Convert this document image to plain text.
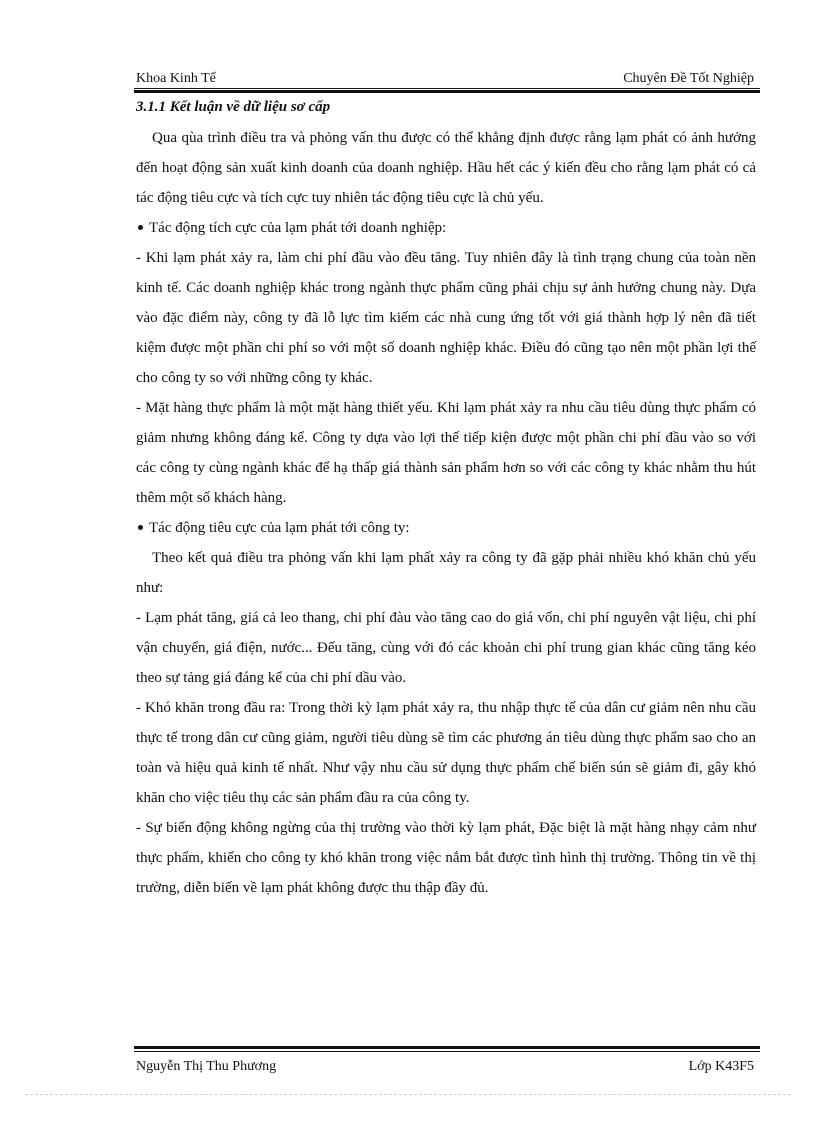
Khoa Kinh Tế	Chuyên Đề Tốt Nghiệp
3.1.1 Kết luận về dữ liệu sơ cấp

Qua qùa trình điều tra và phỏng vấn thu được có thể khẳng định được rằng lạm phát có ảnh hưởng đến hoạt động sản xuất kinh doanh của doanh nghiệp. Hầu hết các ý kiến đều cho rằng lạm phát có cả tác động tiêu cực và tích cực tuy nhiên tác động tiêu cực là chủ yếu.

Tác động tích cực của lạm phát tới doanh nghiệp:

- Khi lạm phát xảy ra, làm chi phí đầu vào đều tăng. Tuy nhiên đây là tình trạng chung của toàn nền kinh tế. Các doanh nghiệp khác trong ngành thực phẩm cũng phải chịu sự ảnh hưởng chung này. Dựa vào đặc điểm này, công ty đã lỗ lực tìm kiếm các nhà cung ứng tốt với giá thành hợp lý nên đã tiết kiệm được một phần chi phí so với một số doanh nghiệp khác. Điều đó cũng tạo nên một phần lợi thế cho công ty so với những công ty khác.

- Mặt hàng thực phẩm là một mặt hàng thiết yếu. Khi lạm phát xảy ra nhu cầu tiêu dùng thực phẩm có giảm nhưng không đáng kể. Công ty dựa vào lợi thế tiếp kiện được một phần chi phí đầu vào so với các công ty cùng ngành khác để hạ thấp giá thành sản phẩm hơn so với các công ty khác nhằm thu hút thêm một số khách hàng.

Tác động tiêu cực của lạm phát tới công ty:

Theo kết quả điều tra phỏng vấn khi lạm phất xảy ra công ty đã gặp phải nhiều khó khăn chủ yếu như:

- Lạm phát tăng, giá cả leo thang, chi phí đàu vào tăng cao do giá vốn, chi phí nguyên vật liệu, chi phí vận chuyển, giá điện, nước... Đếu tăng, cùng với đó các khoản chi phí trung gian khác cũng tăng kéo theo sự tảng giá đáng kể của chi phí dầu vào.

- Khó khăn trong đầu ra: Trong thời kỳ lạm phát xảy ra, thu nhập thực tế của dân cư giảm nên nhu cầu thực tế trong dân cư cũng giảm, người tiêu dùng sẽ tìm các phương án tiêu dùng thực phẩm sao cho an toàn và hiệu quả kinh tế nhất. Như vậy nhu cầu sử dụng thực phẩm chế biến sún sẽ giảm đi, gây khó khăn cho việc tiêu thụ các sản phẩm đầu ra của công ty.

- Sự biến động không ngừng của thị trường vào thời kỳ lạm phát, Đặc biệt là mặt hàng nhạy cảm như thực phẩm, khiến cho công ty khó khăn trong việc nắm bắt được tình hình thị trường. Thông tin về thị trường, diễn biến về lạm phát không được thu thập đầy đủ.

Nguyễn Thị Thu Phương	Lớp K43F5
